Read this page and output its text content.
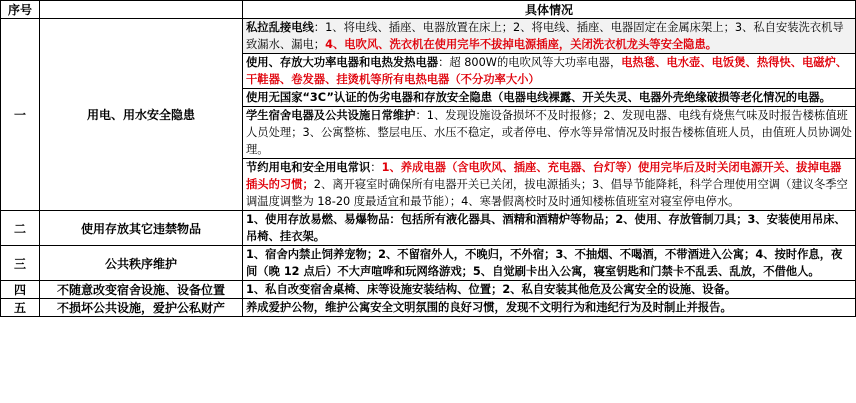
序号		具体情况
一	用电、用水安全隐患	私拉乱接电线：1、将电线、插座、电器放置在床上；2、将电线、插座、电器固定在金属床架上；3、私自安装洗衣机导致漏水、漏电；4、电吹风、洗衣机在使用完毕不拔掉电源插座，关闭洗衣机龙头等安全隐患。
		使用、存放大功率电器和电热发热电器：超 800W的电吹风等大功率电器，电热毯、电水壶、电饭煲、热得快、电磁炉、干鞋器、卷发器、挂烫机等所有电热电器（不分功率大小）
		使用无国家“3C”认证的伪劣电器和存放安全隐患（电器电线裸露、开关失灵、电器外壳绝缘破损等老化情况的电器。
		学生宿舍电器及公共设施日常维护：1、发现设施设备损坏不及时报修；2、发现电器、电线有烧焦气味及时报告楼栋值班人员处理；3、公寓整栋、整层电压、水压不稳定，或者停电、停水等异常情况及时报告楼栋值班人员，由值班人员协调处理。
		节约用电和安全用电常识：1、养成电器（含电吹风、插座、充电器、台灯等）使用完毕后及时关闭电源开关、拔掉电器插头的习惯；2、离开寝室时确保所有电器开关已关闭，拔电源插头；3、倡导节能降耗，科学合理使用空调（建议冬季空调温度调整为 18-20 度最适宜和最节能）；4、寒暑假离校时及时通知楼栋值班室对寝室停电停水。
二	使用存放其它违禁物品	1、使用存放易燃、易爆物品：包括所有液化器具、酒精和酒精炉等物品；2、使用、存放管制刀具；3、安装使用吊床、吊椅、挂衣架。
三	公共秩序维护	1、宿舍内禁止饲养宠物；2、不留宿外人，不晚归，不外宿；3、不抽烟、不喝酒，不带酒进入公寓；4、按时作息，夜间（晚 12 点后）不大声喧哗和玩网络游戏；5、自觉刷卡出入公寓，寝室钥匙和门禁卡不乱丢、乱放，不借他人。
四	不随意改变宿舍设施、设备位置	1、私自改变宿舍桌椅、床等设施安装结构、位置；2、私自安装其他危及公寓安全的设施、设备。
五	不损坏公共设施，爱护公私财产	养成爱护公物，维护公寓安全文明氛围的良好习惯，发现不文明行为和违纪行为及时制止并报告。
